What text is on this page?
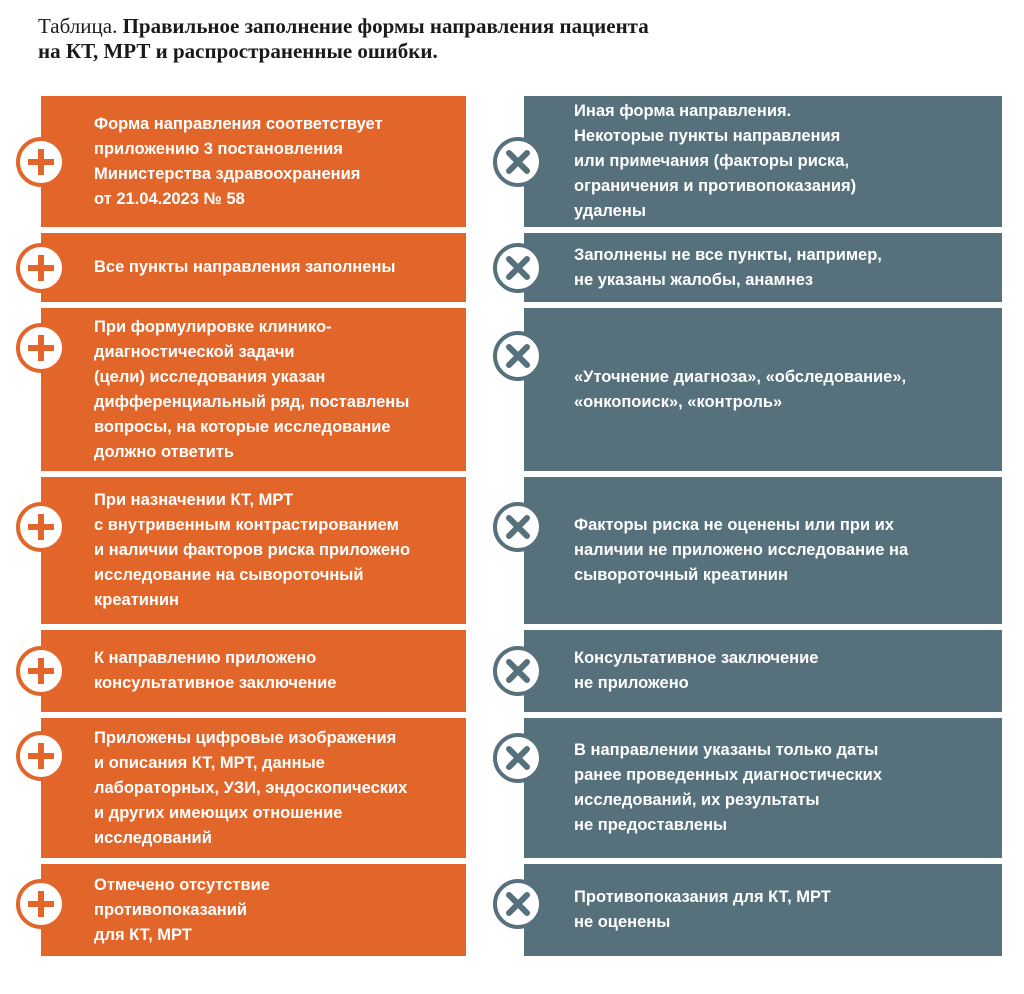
Таблица. Правильное заполнение формы направления пациента
на КТ, МРТ и распространенные ошибки.
Форма направления соответствует
приложению 3 постановления
Министерства здравоохранения
от 21.04.2023 № 58
Иная форма направления.
Некоторые пункты направления
или примечания (факторы риска,
ограничения и противопоказания)
удалены
Все пункты направления заполнены
Заполнены не все пункты, например,
не указаны жалобы, анамнез
При формулировке клинико-
диагностической задачи
(цели) исследования указан
дифференциальный ряд, поставлены
вопросы, на которые исследование
должно ответить
«Уточнение диагноза», «обследование»,
«онкопоиск», «контроль»
При назначении КТ, МРТ
с внутривенным контрастированием
и наличии факторов риска приложено
исследование на сывороточный
креатинин
Факторы риска не оценены или при их
наличии не приложено исследование на
сывороточный креатинин
К направлению приложено
консультативное заключение
Консультативное заключение
не приложено
Приложены цифровые изображения
и описания КТ, МРТ, данные
лабораторных, УЗИ, эндоскопических
и других имеющих отношение
исследований
В направлении указаны только даты
ранее проведенных диагностических
исследований, их результаты
не предоставлены
Отмечено отсутствие
противопоказаний
для КТ, МРТ
Противопоказания для КТ, МРТ
не оценены
